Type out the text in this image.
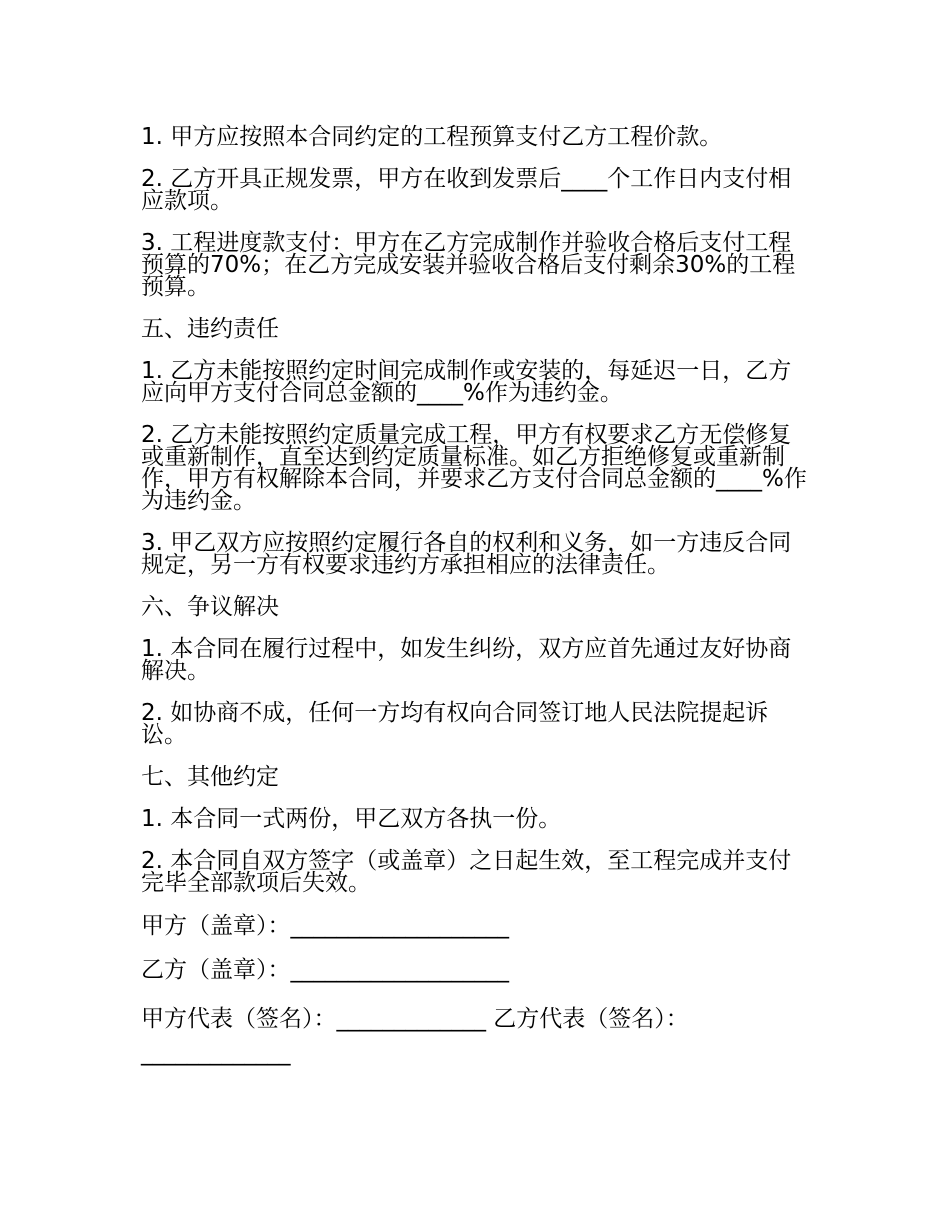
1. 甲方应按照本合同约定的工程预算支付乙方工程价款。

2. 乙方开具正规发票，甲方在收到发票后____个工作日内支付相应款项。

3. 工程进度款支付：甲方在乙方完成制作并验收合格后支付工程预算的70%；在乙方完成安装并验收合格后支付剩余30%的工程预算。

五、违约责任

1. 乙方未能按照约定时间完成制作或安装的，每延迟一日，乙方应向甲方支付合同总金额的____%作为违约金。

2. 乙方未能按照约定质量完成工程，甲方有权要求乙方无偿修复或重新制作，直至达到约定质量标准。如乙方拒绝修复或重新制作，甲方有权解除本合同，并要求乙方支付合同总金额的____%作为违约金。

3. 甲乙双方应按照约定履行各自的权利和义务，如一方违反合同规定，另一方有权要求违约方承担相应的法律责任。

六、争议解决

1. 本合同在履行过程中，如发生纠纷，双方应首先通过友好协商解决。

2. 如协商不成，任何一方均有权向合同签订地人民法院提起诉讼。

七、其他约定

1. 本合同一式两份，甲乙双方各执一份。

2. 本合同自双方签字（或盖章）之日起生效，至工程完成并支付完毕全部款项后失效。

甲方（盖章）：___________________

乙方（盖章）：___________________

甲方代表（签名）：_____________ 乙方代表（签名）：_____________
